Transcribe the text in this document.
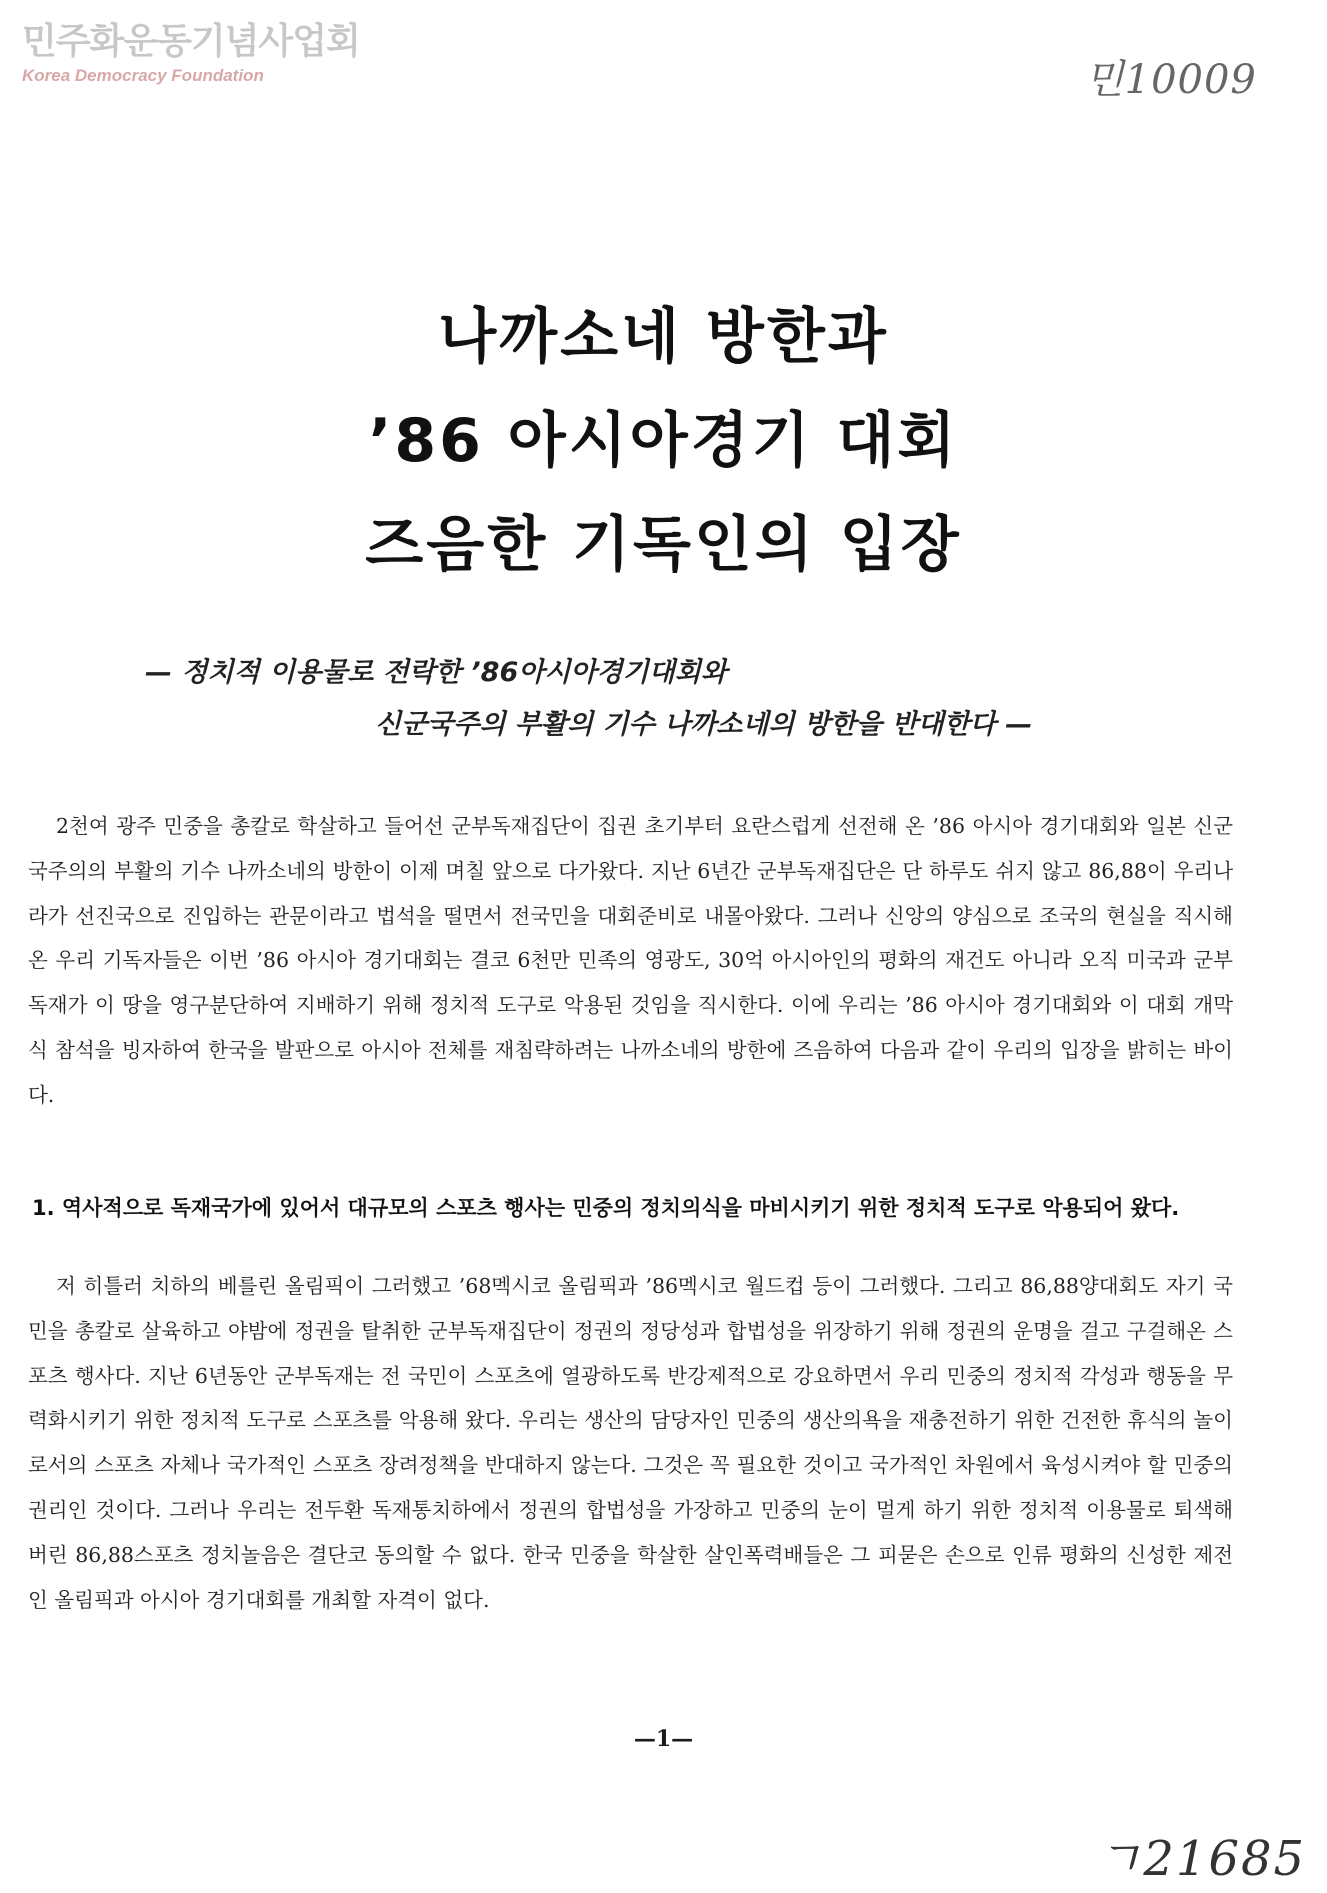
민주화운동기념사업회
Korea Democracy Foundation	민10009
나까소네 방한과
’86 아시아경기 대회
즈음한 기독인의 입장
— 정치적 이용물로 전락한 ’86아시아경기대회와
신군국주의 부활의 기수 나까소네의 방한을 반대한다 —

2천여 광주 민중을 총칼로 학살하고 들어선 군부독재집단이 집권 초기부터 요란스럽게 선전해 온 ’86 아시아 경기대회와 일본 신군국주의의 부활의 기수 나까소네의 방한이 이제 며칠 앞으로 다가왔다. 지난 6년간 군부독재집단은 단 하루도 쉬지 않고 86,88이 우리나라가 선진국으로 진입하는 관문이라고 법석을 떨면서 전국민을 대회준비로 내몰아왔다. 그러나 신앙의 양심으로 조국의 현실을 직시해 온 우리 기독자들은 이번 ’86 아시아 경기대회는 결코 6천만 민족의 영광도, 30억 아시아인의 평화의 재건도 아니라 오직 미국과 군부독재가 이 땅을 영구분단하여 지배하기 위해 정치적 도구로 악용된 것임을 직시한다. 이에 우리는 ’86 아시아 경기대회와 이 대회 개막식 참석을 빙자하여 한국을 발판으로 아시아 전체를 재침략하려는 나까소네의 방한에 즈음하여 다음과 같이 우리의 입장을 밝히는 바이다.

1. 역사적으로 독재국가에 있어서 대규모의 스포츠 행사는 민중의 정치의식을 마비시키기 위한 정치적 도구로 악용되어 왔다.

저 히틀러 치하의 베를린 올림픽이 그러했고 ’68멕시코 올림픽과 ’86멕시코 월드컵 등이 그러했다. 그리고 86,88양대회도 자기 국민을 총칼로 살육하고 야밤에 정권을 탈취한 군부독재집단이 정권의 정당성과 합법성을 위장하기 위해 정권의 운명을 걸고 구걸해온 스포츠 행사다. 지난 6년동안 군부독재는 전 국민이 스포츠에 열광하도록 반강제적으로 강요하면서 우리 민중의 정치적 각성과 행동을 무력화시키기 위한 정치적 도구로 스포츠를 악용해 왔다. 우리는 생산의 담당자인 민중의 생산의욕을 재충전하기 위한 건전한 휴식의 놀이로서의 스포츠 자체나 국가적인 스포츠 장려정책을 반대하지 않는다. 그것은 꼭 필요한 것이고 국가적인 차원에서 육성시켜야 할 민중의 권리인 것이다. 그러나 우리는 전두환 독재통치하에서 정권의 합법성을 가장하고 민중의 눈이 멀게 하기 위한 정치적 이용물로 퇴색해 버린 86,88스포츠 정치놀음은 결단코 동의할 수 없다. 한국 민중을 학살한 살인폭력배들은 그 피묻은 손으로 인류 평화의 신성한 제전인 올림픽과 아시아 경기대회를 개최할 자격이 없다.

—1—
ㄱ21685
